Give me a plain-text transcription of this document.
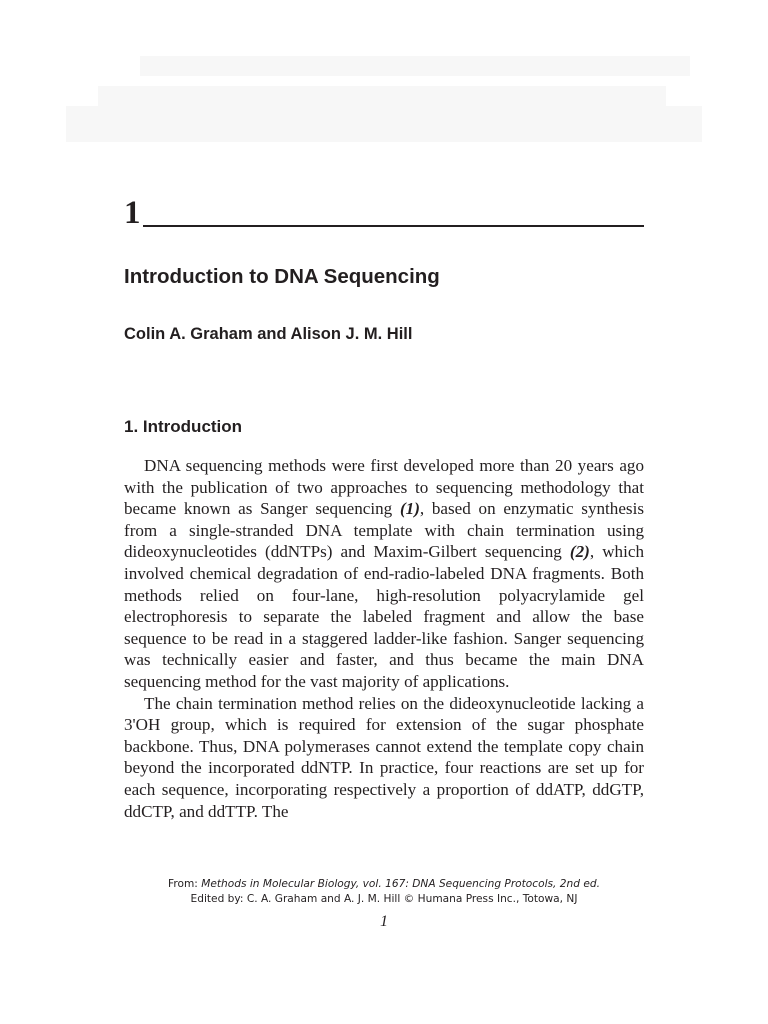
1
Introduction to DNA Sequencing
Colin A. Graham and Alison J. M. Hill
1. Introduction

DNA sequencing methods were first developed more than 20 years ago with the publication of two approaches to sequencing methodology that became known as Sanger sequencing (1), based on enzymatic synthesis from a single-stranded DNA template with chain termination using dideoxynucleotides (ddNTPs) and Maxim-Gilbert sequencing (2), which involved chemical degradation of end-radio-labeled DNA fragments. Both methods relied on four-lane, high-resolution polyacrylamide gel electrophoresis to separate the labeled fragment and allow the base sequence to be read in a staggered ladder-like fashion. Sanger sequencing was technically easier and faster, and thus became the main DNA sequencing method for the vast majority of applications.

The chain termination method relies on the dideoxynucleotide lacking a 3'OH group, which is required for extension of the sugar phosphate backbone. Thus, DNA polymerases cannot extend the template copy chain beyond the incorporated ddNTP. In practice, four reactions are set up for each sequence, incorporating respectively a proportion of ddATP, ddGTP, ddCTP, and ddTTP. The

From: Methods in Molecular Biology, vol. 167: DNA Sequencing Protocols, 2nd ed.
Edited by: C. A. Graham and A. J. M. Hill © Humana Press Inc., Totowa, NJ
1
